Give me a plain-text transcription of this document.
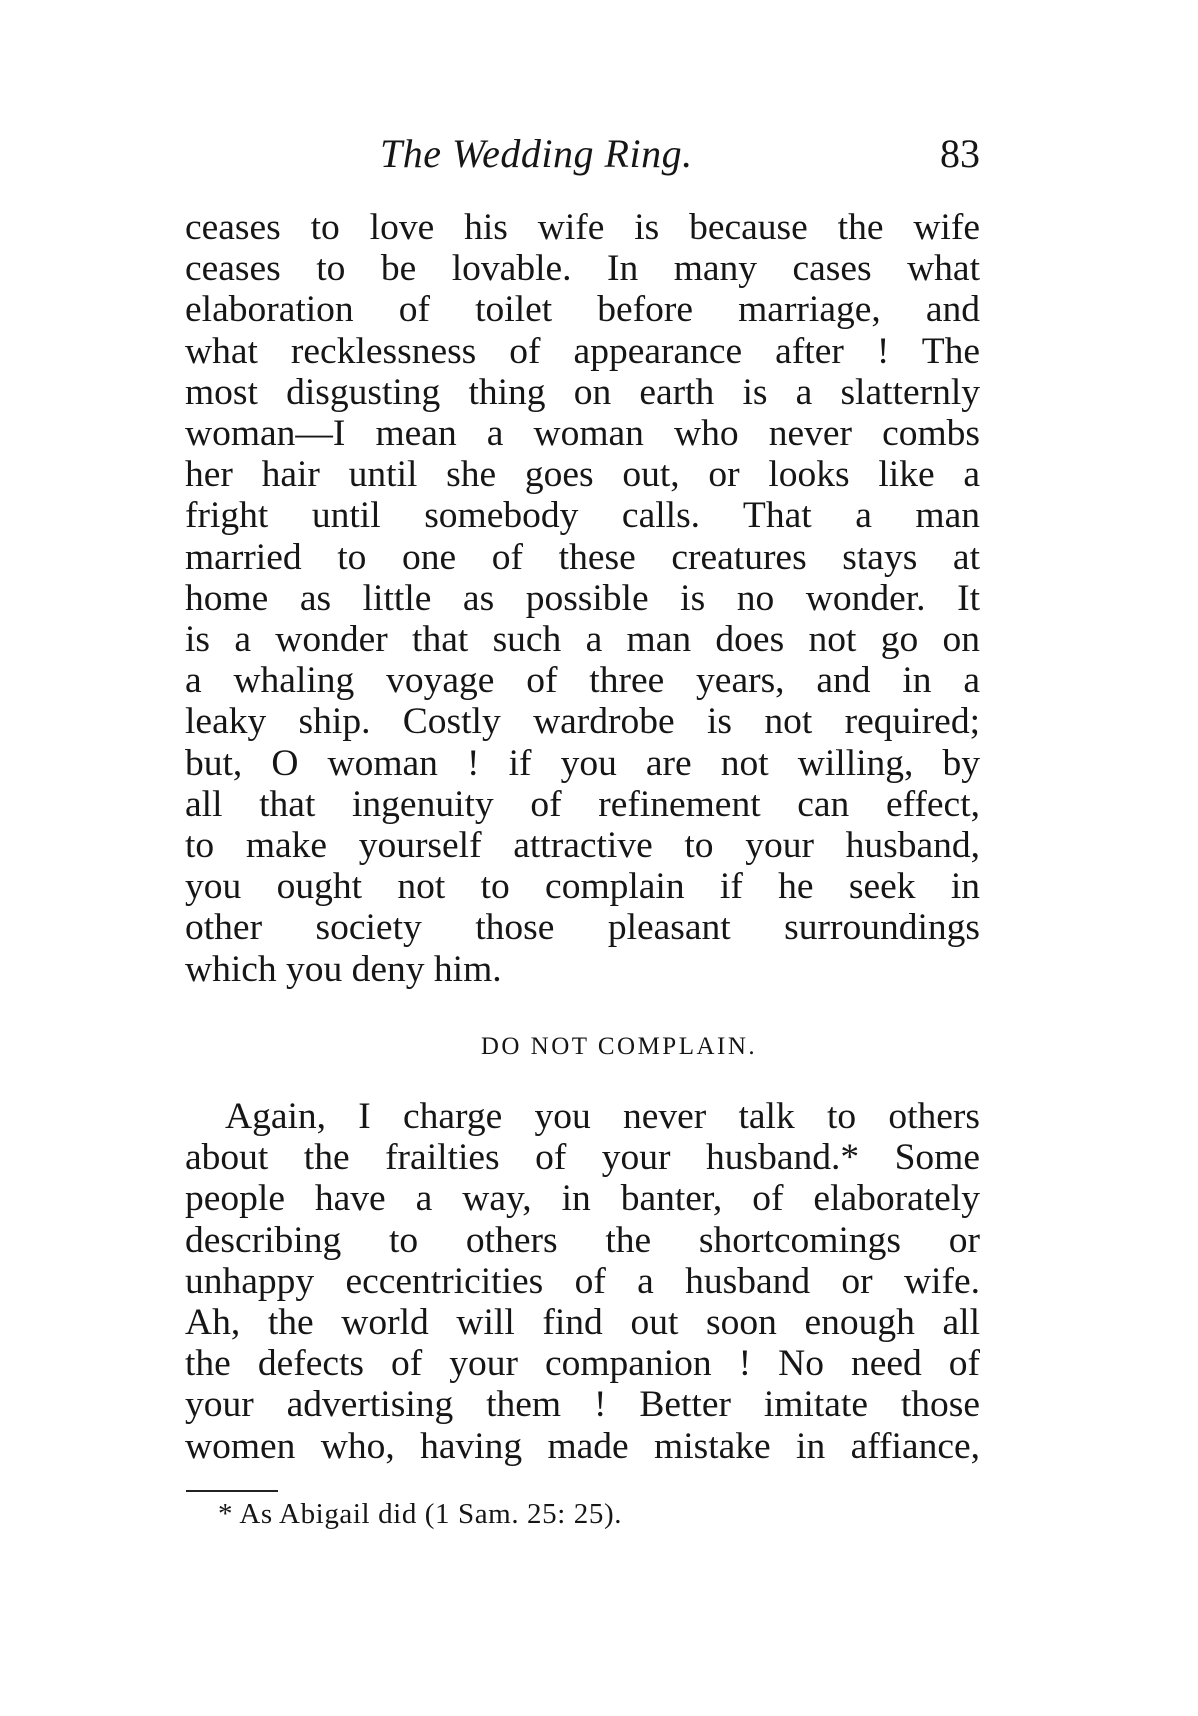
The Wedding Ring.	83
ceases to love his wife is because the wife
ceases to be lovable. In many cases what
elaboration of toilet before marriage, and
what recklessness of appearance after ! The
most disgusting thing on earth is a slatternly
woman—I mean a woman who never combs
her hair until she goes out, or looks like a
fright until somebody calls. That a man
married to one of these creatures stays at
home as little as possible is no wonder. It
is a wonder that such a man does not go on
a whaling voyage of three years, and in a
leaky ship. Costly wardrobe is not required;
but, O woman ! if you are not willing, by
all that ingenuity of refinement can effect,
to make yourself attractive to your husband,
you ought not to complain if he seek in
other society those pleasant surroundings
which you deny him.
DO NOT COMPLAIN.
Again, I charge you never talk to others
about the frailties of your husband.* Some
people have a way, in banter, of elaborately
describing to others the shortcomings or
unhappy eccentricities of a husband or wife.
Ah, the world will find out soon enough all
the defects of your companion ! No need of
your advertising them ! Better imitate those
women who, having made mistake in affiance,
* As Abigail did (1 Sam. 25: 25).
